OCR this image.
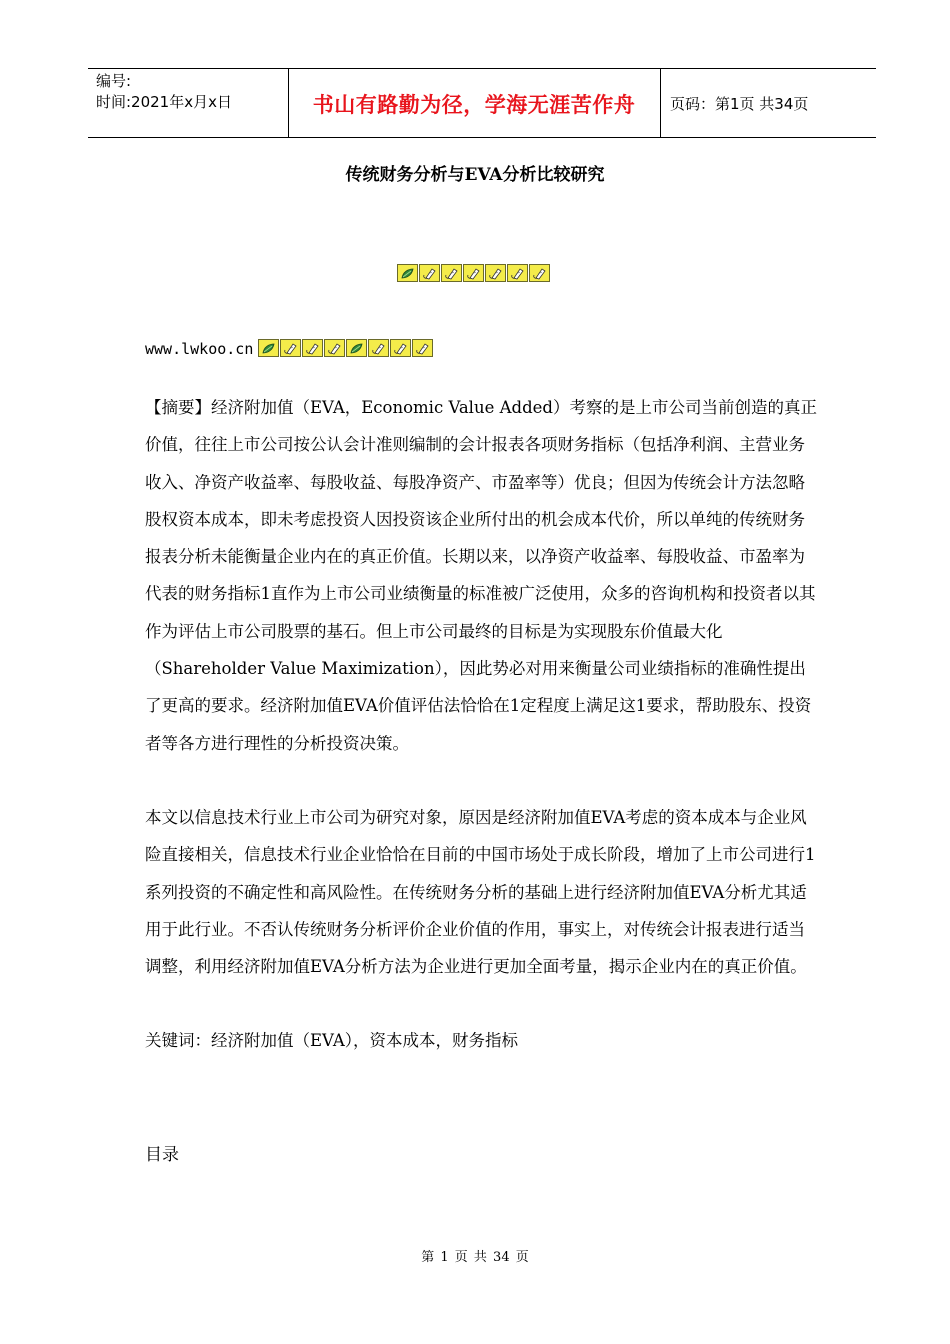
编号:
时间:2021年x月x日	书山有路勤为径，学海无涯苦作舟	页码：第1页 共34页
传统财务分析与EVA分析比较研究
www.lwkoo.cn
【摘要】经济附加值（EVA，Economic Value Added）考察的是上市公司当前创造的真正价值，往往上市公司按公认会计准则编制的会计报表各项财务指标（包括净利润、主营业务收入、净资产收益率、每股收益、每股净资产、市盈率等）优良；但因为传统会计方法忽略股权资本成本，即未考虑投资人因投资该企业所付出的机会成本代价，所以单纯的传统财务报表分析未能衡量企业内在的真正价值。长期以来，以净资产收益率、每股收益、市盈率为代表的财务指标1直作为上市公司业绩衡量的标准被广泛使用，众多的咨询机构和投资者以其作为评估上市公司股票的基石。但上市公司最终的目标是为实现股东价值最大化（Shareholder Value Maximization），因此势必对用来衡量公司业绩指标的准确性提出了更高的要求。经济附加值EVA价值评估法恰恰在1定程度上满足这1要求，帮助股东、投资者等各方进行理性的分析投资决策。
本文以信息技术行业上市公司为研究对象，原因是经济附加值EVA考虑的资本成本与企业风险直接相关，信息技术行业企业恰恰在目前的中国市场处于成长阶段，增加了上市公司进行1系列投资的不确定性和高风险性。在传统财务分析的基础上进行经济附加值EVA分析尤其适用于此行业。不否认传统财务分析评价企业价值的作用，事实上，对传统会计报表进行适当调整，利用经济附加值EVA分析方法为企业进行更加全面考量，揭示企业内在的真正价值。
关键词：经济附加值（EVA），资本成本，财务指标
目录
第 1 页 共 34 页
